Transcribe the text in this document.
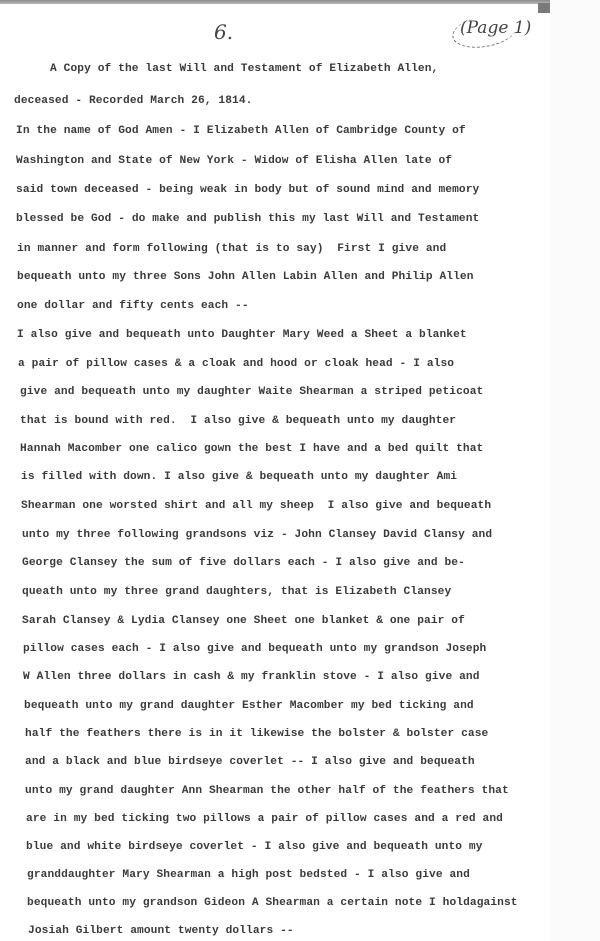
6.	(Page 1)
A Copy of the last Will and Testament of Elizabeth Allen,
deceased - Recorded March 26, 1814.
In the name of God Amen - I Elizabeth Allen of Cambridge County of
Washington and State of New York - Widow of Elisha Allen late of
said town deceased - being weak in body but of sound mind and memory
blessed be God - do make and publish this my last Will and Testament
in manner and form following (that is to say)  First I give and
bequeath unto my three Sons John Allen Labin Allen and Philip Allen
one dollar and fifty cents each --
I also give and bequeath unto Daughter Mary Weed a Sheet a blanket
a pair of pillow cases & a cloak and hood or cloak head - I also
give and bequeath unto my daughter Waite Shearman a striped peticoat
that is bound with red.  I also give & bequeath unto my daughter
Hannah Macomber one calico gown the best I have and a bed quilt that
is filled with down. I also give & bequeath unto my daughter Ami
Shearman one worsted shirt and all my sheep  I also give and bequeath
unto my three following grandsons viz - John Clansey David Clansy and
George Clansey the sum of five dollars each - I also give and be-
queath unto my three grand daughters, that is Elizabeth Clansey
Sarah Clansey & Lydia Clansey one Sheet one blanket & one pair of
pillow cases each - I also give and bequeath unto my grandson Joseph
W Allen three dollars in cash & my franklin stove - I also give and
bequeath unto my grand daughter Esther Macomber my bed ticking and
half the feathers there is in it likewise the bolster & bolster case
and a black and blue birdseye coverlet -- I also give and bequeath
unto my grand daughter Ann Shearman the other half of the feathers that
are in my bed ticking two pillows a pair of pillow cases and a red and
blue and white birdseye coverlet - I also give and bequeath unto my
granddaughter Mary Shearman a high post bedsted - I also give and
bequeath unto my grandson Gideon A Shearman a certain note I holdagainst
Josiah Gilbert amount twenty dollars --
